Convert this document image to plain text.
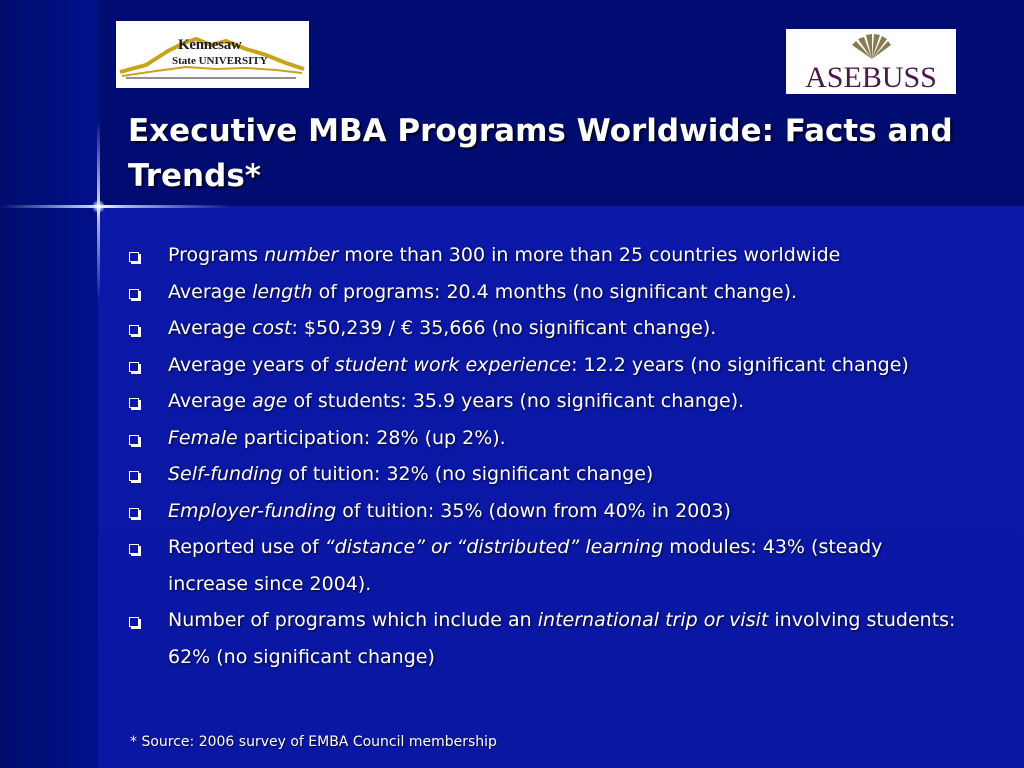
Kennesaw
State UNIVERSITY	ASEBUSS
Executive MBA Programs Worldwide: Facts and Trends*
Programs number more than 300 in more than 25 countries worldwide
Average length of programs: 20.4 months (no significant change).
Average cost: $50,239 / € 35,666 (no significant change).
Average years of student work experience: 12.2 years (no significant change)
Average age of students: 35.9 years (no significant change).
Female participation: 28% (up 2%).
Self-funding of tuition: 32% (no significant change)
Employer-funding of tuition: 35% (down from 40% in 2003)
Reported use of “distance” or “distributed” learning modules: 43% (steady increase since 2004).
Number of programs which include an international trip or visit involving students: 62% (no significant change)
* Source: 2006 survey of EMBA Council membership
